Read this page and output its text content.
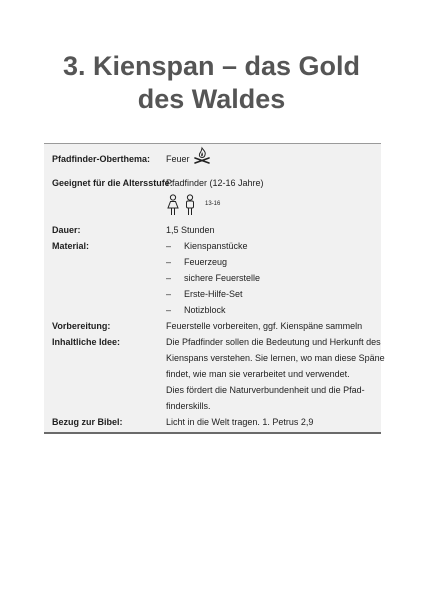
3. Kienspan – das Gold
des Waldes
Pfadfinder-Oberthema: Feuer
Geeignet für die Altersstufe:
Pfadfinder (12-16 Jahre)
13-16
Dauer:	1,5 Stunden
Material:	– Kienspanstücke
– Feuerzeug
– sichere Feuerstelle
– Erste-Hilfe-Set
– Notizblock
Vorbereitung:	Feuerstelle vorbereiten, ggf. Kienspäne sammeln
Inhaltliche Idee:	Die Pfadfinder sollen die Bedeutung und Herkunft des
Kienspans verstehen. Sie lernen, wo man diese Späne
findet, wie man sie verarbeitet und verwendet.
Dies fördert die Naturverbundenheit und die Pfad-
finderskills.
Bezug zur Bibel:	Licht in die Welt tragen. 1. Petrus 2,9
